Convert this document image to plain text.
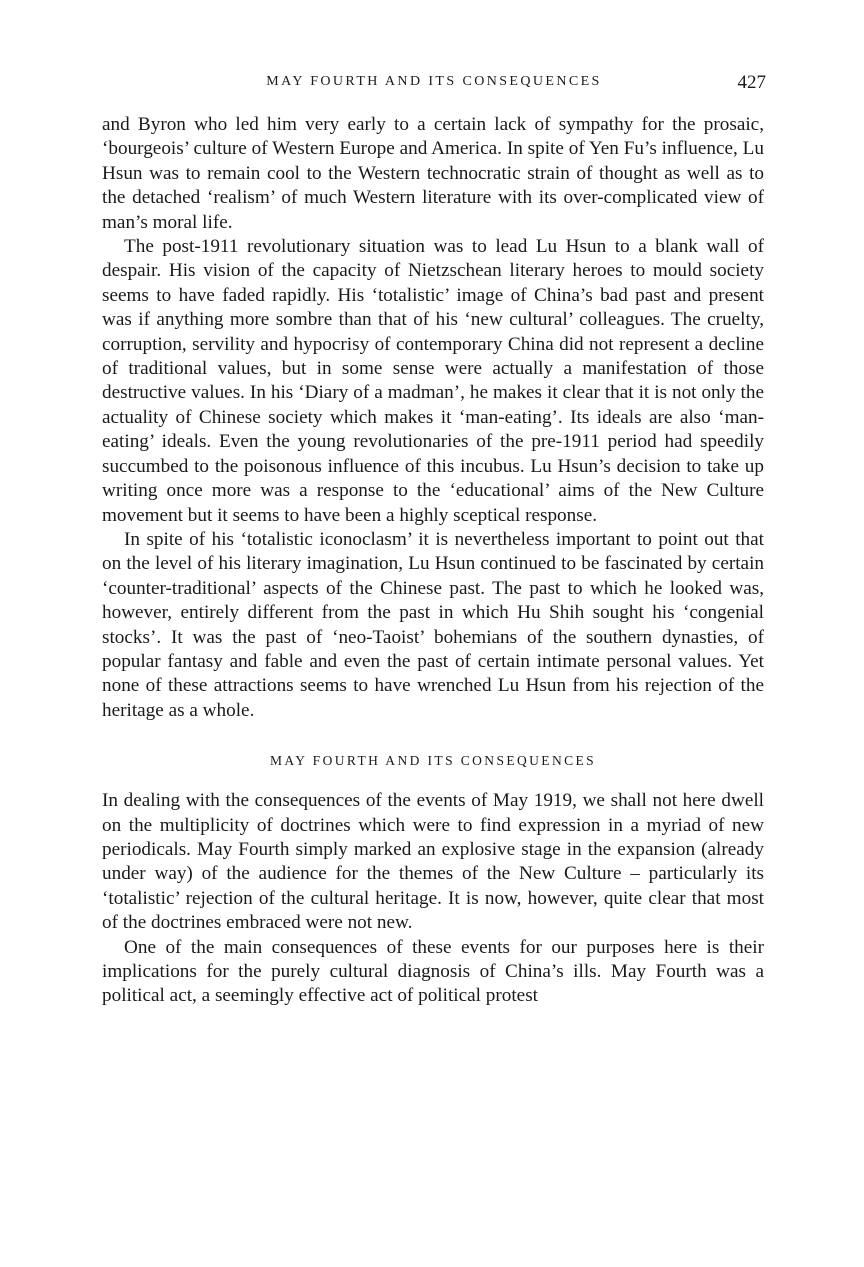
MAY FOURTH AND ITS CONSEQUENCES	427

and Byron who led him very early to a certain lack of sympathy for the prosaic, ‘bourgeois’ culture of Western Europe and America. In spite of Yen Fu’s influence, Lu Hsun was to remain cool to the Western technocratic strain of thought as well as to the detached ‘realism’ of much Western literature with its over-complicated view of man’s moral life.

The post-1911 revolutionary situation was to lead Lu Hsun to a blank wall of despair. His vision of the capacity of Nietzschean literary heroes to mould society seems to have faded rapidly. His ‘totalistic’ image of China’s bad past and present was if anything more sombre than that of his ‘new cultural’ colleagues. The cruelty, corruption, servility and hypocrisy of contemporary China did not represent a decline of traditional values, but in some sense were actually a manifestation of those destructive values. In his ‘Diary of a madman’, he makes it clear that it is not only the actuality of Chinese society which makes it ‘man-eating’. Its ideals are also ‘man-eating’ ideals. Even the young revolutionaries of the pre-1911 period had speedily succumbed to the poisonous influence of this incubus. Lu Hsun’s decision to take up writing once more was a response to the ‘educational’ aims of the New Culture movement but it seems to have been a highly sceptical response.

In spite of his ‘totalistic iconoclasm’ it is nevertheless important to point out that on the level of his literary imagination, Lu Hsun continued to be fascinated by certain ‘counter-traditional’ aspects of the Chinese past. The past to which he looked was, however, entirely different from the past in which Hu Shih sought his ‘congenial stocks’. It was the past of ‘neo-Taoist’ bohemians of the southern dynasties, of popular fantasy and fable and even the past of certain intimate personal values. Yet none of these attractions seems to have wrenched Lu Hsun from his rejection of the heritage as a whole.

MAY FOURTH AND ITS CONSEQUENCES

In dealing with the consequences of the events of May 1919, we shall not here dwell on the multiplicity of doctrines which were to find expression in a myriad of new periodicals. May Fourth simply marked an explosive stage in the expansion (already under way) of the audience for the themes of the New Culture – particularly its ‘totalistic’ rejection of the cultural heritage. It is now, however, quite clear that most of the doctrines embraced were not new.

One of the main consequences of these events for our purposes here is their implications for the purely cultural diagnosis of China’s ills. May Fourth was a political act, a seemingly effective act of political protest
